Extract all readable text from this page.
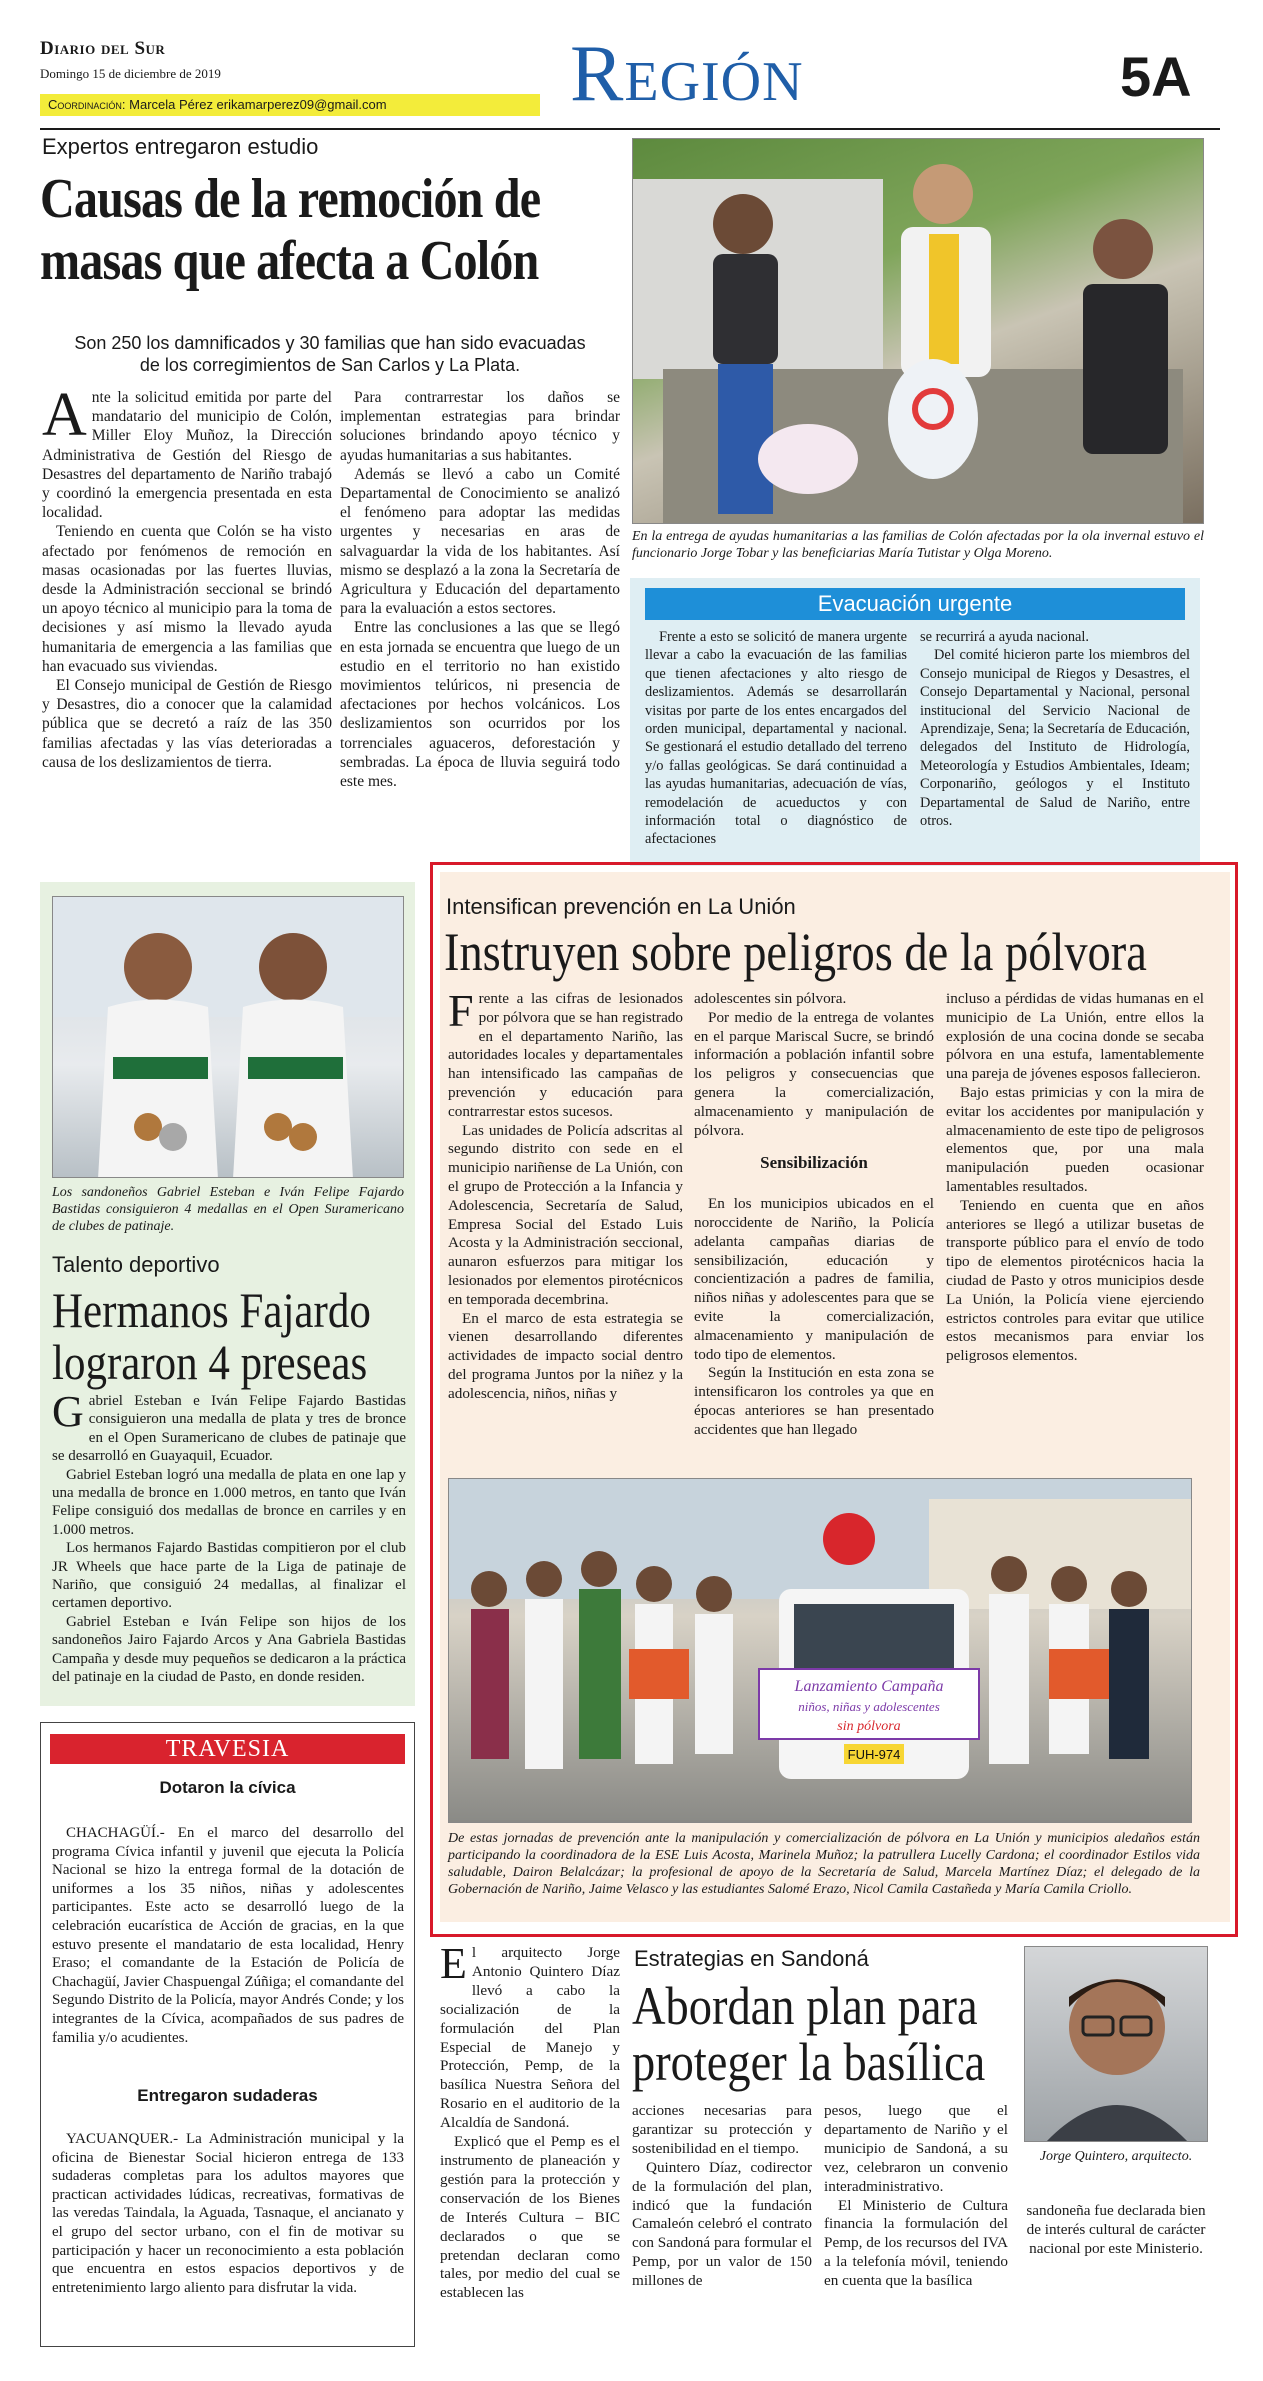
Diario del Sur
Domingo 15 de diciembre de 2019
Coordinación: Marcela Pérez erikamarperez09@gmail.com	Región	5A
Expertos entregaron estudio
Causas de la remoción de
masas que afecta a Colón
Son 250 los damnificados y 30 familias que han sido evacuadas de los corregimientos de San Carlos y La Plata.

Ante la solicitud emitida por parte del mandatario del municipio de Colón, Miller Eloy Muñoz, la Dirección Administrativa de Gestión del Riesgo de Desastres del departamento de Nariño trabajó y coordinó la emergencia presentada en esta localidad.

Teniendo en cuenta que Colón se ha visto afectado por fenómenos de remoción en masas ocasionadas por las fuertes lluvias, desde la Administración seccional se brindó un apoyo técnico al municipio para la toma de decisiones y así mismo la llevado ayuda humanitaria de emergencia a las familias que han evacuado sus viviendas.

El Consejo municipal de Gestión de Riesgo y Desastres, dio a conocer que la calamidad pública que se decretó a raíz de las 350 familias afectadas y las vías deterioradas a causa de los deslizamientos de tierra.

Para contrarrestar los daños se implementan estrategias para brindar soluciones brindando apoyo técnico y ayudas humanitarias a sus habitantes.

Además se llevó a cabo un Comité Departamental de Conocimiento se analizó el fenómeno para adoptar las medidas urgentes y necesarias en aras de salvaguardar la vida de los habitantes. Así mismo se desplazó a la zona la Secretaría de Agricultura y Educación del departamento para la evaluación a estos sectores.

Entre las conclusiones a las que se llegó en esta jornada se encuentra que luego de un estudio en el territorio no han existido movimientos telúricos, ni presencia de afectaciones por hechos volcánicos. Los deslizamientos son ocurridos por los torrenciales aguaceros, deforestación y sembradas. La época de lluvia seguirá todo este mes.

En la entrega de ayudas humanitarias a las familias de Colón afectadas por la ola invernal estuvo el funcionario Jorge Tobar y las beneficiarias María Tutistar y Olga Moreno.
Evacuación urgente

Frente a esto se solicitó de manera urgente llevar a cabo la evacuación de las familias que tienen afectaciones y alto riesgo de deslizamientos. Además se desarrollarán visitas por parte de los entes encargados del orden municipal, departamental y nacional. Se gestionará el estudio detallado del terreno y/o fallas geológicas. Se dará continuidad a las ayudas humanitarias, adecuación de vías, remodelación de acueductos y con información total o diagnóstico de afectaciones

se recurrirá a ayuda nacional.

Del comité hicieron parte los miembros del Consejo municipal de Riegos y Desastres, el Consejo Departamental y Nacional, personal institucional del Servicio Nacional de Aprendizaje, Sena; la Secretaría de Educación, delegados del Instituto de Hidrología, Meteorología y Estudios Ambientales, Ideam; Corponariño, geólogos y el Instituto Departamental de Salud de Nariño, entre otros.

Los sandoneños Gabriel Esteban e Iván Felipe Fajardo Bastidas consiguieron 4 medallas en el Open Suramericano de clubes de patinaje.
Talento deportivo
Hermanos Fajardo
lograron 4 preseas

Gabriel Esteban e Iván Felipe Fajardo Bastidas consiguieron una medalla de plata y tres de bronce en el Open Suramericano de clubes de patinaje que se desarrolló en Guayaquil, Ecuador.

Gabriel Esteban logró una medalla de plata en one lap y una medalla de bronce en 1.000 metros, en tanto que Iván Felipe consiguió dos medallas de bronce en carriles y en 1.000 metros.

Los hermanos Fajardo Bastidas compitieron por el club JR Wheels que hace parte de la Liga de patinaje de Nariño, que consiguió 24 medallas, al finalizar el certamen deportivo.

Gabriel Esteban e Iván Felipe son hijos de los sandoneños Jairo Fajardo Arcos y Ana Gabriela Bastidas Campaña y desde muy pequeños se dedicaron a la práctica del patinaje en la ciudad de Pasto, en donde residen.

TRAVESIA
Dotaron la cívica

CHACHAGÜÍ.- En el marco del desarrollo del programa Cívica infantil y juvenil que ejecuta la Policía Nacional se hizo la entrega formal de la dotación de uniformes a los 35 niños, niñas y adolescentes participantes. Este acto se desarrolló luego de la celebración eucarística de Acción de gracias, en la que estuvo presente el mandatario de esta localidad, Henry Eraso; el comandante de la Estación de Policía de Chachagüí, Javier Chaspuengal Zúñiga; el comandante del Segundo Distrito de la Policía, mayor Andrés Conde; y los integrantes de la Cívica, acompañados de sus padres de familia y/o acudientes.

Entregaron sudaderas

YACUANQUER.- La Administración municipal y la oficina de Bienestar Social hicieron entrega de 133 sudaderas completas para los adultos mayores que practican actividades lúdicas, recreativas, formativas de las veredas Taindala, la Aguada, Tasnaque, el ancianato y el grupo del sector urbano, con el fin de motivar su participación y hacer un reconocimiento a esta población que encuentra en estos espacios deportivos y de entretenimiento largo aliento para disfrutar la vida.

Intensifican prevención en La Unión
Instruyen sobre peligros de la pólvora

Frente a las cifras de lesionados por pólvora que se han registrado en el departamento Nariño, las autoridades locales y departamentales han intensificado las campañas de prevención y educación para contrarrestar estos sucesos.

Las unidades de Policía adscritas al segundo distrito con sede en el municipio nariñense de La Unión, con el grupo de Protección a la Infancia y Adolescencia, Secretaría de Salud, Empresa Social del Estado Luis Acosta y la Administración seccional, aunaron esfuerzos para mitigar los lesionados por elementos pirotécnicos en temporada decembrina.

En el marco de esta estrategia se vienen desarrollando diferentes actividades de impacto social dentro del programa Juntos por la niñez y la adolescencia, niños, niñas y

adolescentes sin pólvora.

Por medio de la entrega de volantes en el parque Mariscal Sucre, se brindó información a población infantil sobre los peligros y consecuencias que genera la comercialización, almacenamiento y manipulación de pólvora.

Sensibilización

En los municipios ubicados en el noroccidente de Nariño, la Policía adelanta campañas diarias de sensibilización, educación y concientización a padres de familia, niños niñas y adolescentes para que se evite la comercialización, almacenamiento y manipulación de todo tipo de elementos.

Según la Institución en esta zona se intensificaron los controles ya que en épocas anteriores se han presentado accidentes que han llegado

incluso a pérdidas de vidas humanas en el municipio de La Unión, entre ellos la explosión de una cocina donde se secaba pólvora en una estufa, lamentablemente una pareja de jóvenes esposos fallecieron.

Bajo estas primicias y con la mira de evitar los accidentes por manipulación y almacenamiento de este tipo de peligrosos elementos que, por una mala manipulación pueden ocasionar lamentables resultados.

Teniendo en cuenta que en años anteriores se llegó a utilizar busetas de transporte público para el envío de todo tipo de elementos pirotécnicos hacia la ciudad de Pasto y otros municipios desde La Unión, la Policía viene ejerciendo estrictos controles para evitar que utilice estos mecanismos para enviar los peligrosos elementos.

FUH-974
Lanzamiento Campaña
niños, niñas y adolescentes
sin pólvora
De estas jornadas de prevención ante la manipulación y comercialización de pólvora en La Unión y municipios aledaños están participando la coordinadora de la ESE Luis Acosta, Marinela Muñoz; la patrullera Lucelly Cardona; el coordinador Estilos vida saludable, Dairon Belalcázar; la profesional de apoyo de la Secretaría de Salud, Marcela Martínez Díaz; el delegado de la Gobernación de Nariño, Jaime Velasco y las estudiantes Salomé Erazo, Nicol Camila Castañeda y María Camila Criollo.

El arquitecto Jorge Antonio Quintero Díaz llevó a cabo la socialización de la formulación del Plan Especial de Manejo y Protección, Pemp, de la basílica Nuestra Señora del Rosario en el auditorio de la Alcaldía de Sandoná.

Explicó que el Pemp es el instrumento de planeación y gestión para la protección y conservación de los Bienes de Interés Cultura – BIC declarados o que se pretendan declaran como tales, por medio del cual se establecen las

Estrategias en Sandoná
Abordan plan para
proteger la basílica

acciones necesarias para garantizar su protección y sostenibilidad en el tiempo.

Quintero Díaz, codirector de la formulación del plan, indicó que la fundación Camaleón celebró el contrato con Sandoná para formular el Pemp, por un valor de 150 millones de

pesos, luego que el departamento de Nariño y el municipio de Sandoná, a su vez, celebraron un convenio interadministrativo.

El Ministerio de Cultura financia la formulación del Pemp, de los recursos del IVA a la telefonía móvil, teniendo en cuenta que la basílica

Jorge Quintero, arquitecto.

sandoneña fue declarada bien de interés cultural de carácter nacional por este Ministerio.
